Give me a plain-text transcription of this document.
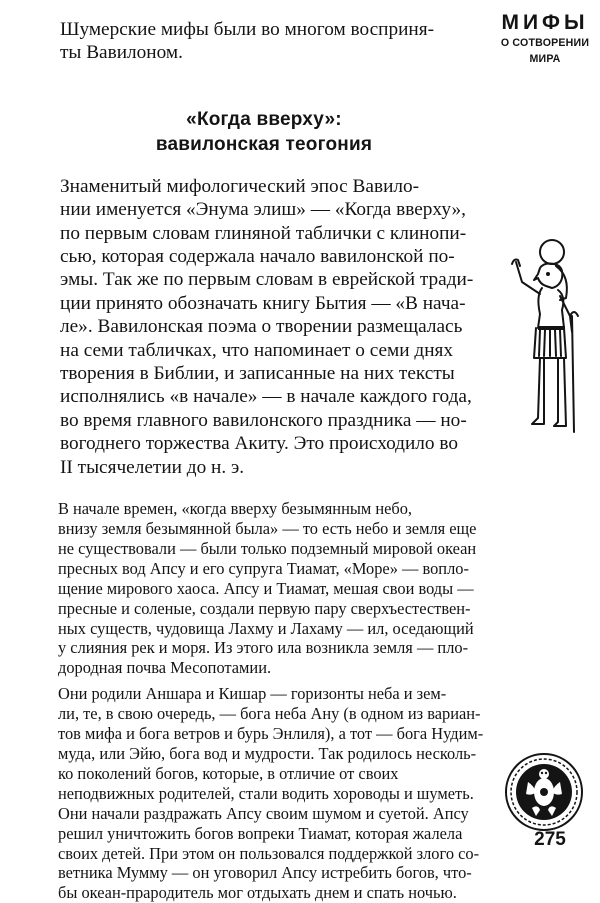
МИФЫ
О СОТВОРЕНИИ
МИРА

Шумерские мифы были во многом восприня-
ты Вавилоном.

«Когда вверху»:
вавилонская теогония

Знаменитый мифологический эпос Вавило-
нии именуется «Энума элиш» — «Когда вверху»,
по первым словам глиняной таблички с клинопи-
сью, которая содержала начало вавилонской по-
эмы. Так же по первым словам в еврейской тради-
ции принято обозначать книгу Бытия — «В нача-
ле». Вавилонская поэма о творении размещалась
на семи табличках, что напоминает о семи днях
творения в Библии, и записанные на них тексты
исполнялись «в начале» — в начале каждого года,
во время главного вавилонского праздника — но-
вогоднего торжества Акиту. Это происходило во
II тысячелетии до н. э.

В начале времен, «когда вверху безымянным небо,
внизу земля безымянной была» — то есть небо и земля еще
не существовали — были только подземный мировой океан
пресных вод Апсу и его супруга Тиамат, «Море» — вопло-
щение мирового хаоса. Апсу и Тиамат, мешая свои воды —
пресные и соленые, создали первую пару сверхъестествен-
ных существ, чудовища Лахму и Лахаму — ил, оседающий
у слияния рек и моря. Из этого ила возникла земля — пло-
дородная почва Месопотамии.

Они родили Аншара и Кишар — горизонты неба и зем-
ли, те, в свою очередь, — бога неба Ану (в одном из вариан-
тов мифа и бога ветров и бурь Энлиля), а тот — бога Нудим-
муда, или Эйю, бога вод и мудрости. Так родилось несколь-
ко поколений богов, которые, в отличие от своих
неподвижных родителей, стали водить хороводы и шуметь.
Они начали раздражать Апсу своим шумом и суетой. Апсу
решил уничтожить богов вопреки Тиамат, которая жалела
своих детей. При этом он пользовался поддержкой злого со-
ветника Мумму — он уговорил Апсу истребить богов, что-
бы океан-прародитель мог отдыхать днем и спать ночью.

275
